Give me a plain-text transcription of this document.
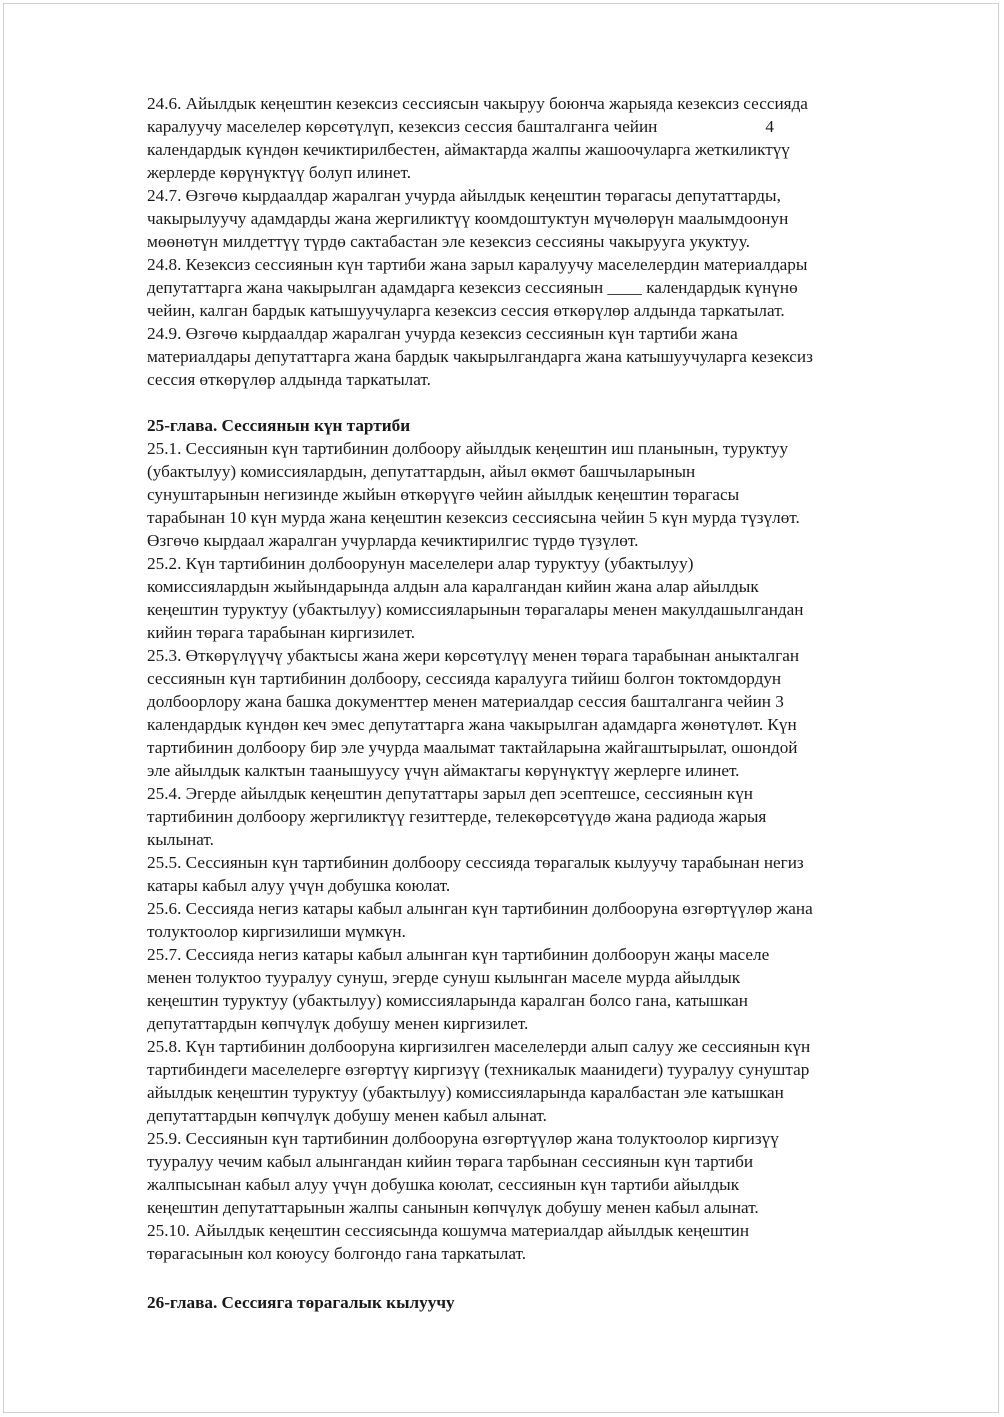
24.6. Айылдык кеңештин кезексиз сессиясын чакыруу боюнча жарыяда кезексиз сессияда
каралуучу маселелер көрсөтүлүп, кезексиз сессия башталганга чейин	4
календардык күндөн кечиктирилбестен, аймактарда жалпы жашоочуларга жеткиликтүү
жерлерде көрүнүктүү болуп илинет.
24.7. Өзгөчө кырдаалдар жаралган учурда айылдык кеңештин төрагасы депутаттарды,
чакырылуучу адамдарды жана жергиликтүү коомдоштуктун мүчөлөрүн маалымдоонун
мөөнөтүн милдеттүү түрдө сактабастан эле кезексиз сессияны чакырууга укуктуу.
24.8. Кезексиз сессиянын күн тартиби жана зарыл каралуучу маселелердин материалдары
депутаттарга жана чакырылган адамдарга кезексиз сессиянын ____ календардык күнүнө
чейин, калган бардык катышуучуларга кезексиз сессия өткөрүлөр алдында таркатылат.
24.9. Өзгөчө кырдаалдар жаралган учурда кезексиз сессиянын күн тартиби жана
материалдары депутаттарга жана бардык чакырылгандарга жана катышуучуларга кезексиз
сессия өткөрүлөр алдында таркатылат.
25-глава. Сессиянын күн тартиби
25.1. Сессиянын күн тартибинин долбоору айылдык кеңештин иш планынын, туруктуу
(убактылуу) комиссиялардын, депутаттардын, айыл өкмөт башчыларынын
сунуштарынын негизинде жыйын өткөрүүгө чейин айылдык кеңештин төрагасы
тарабынан 10 күн мурда жана кеңештин кезексиз сессиясына чейин 5 күн мурда түзүлөт.
Өзгөчө кырдаал жаралган учурларда кечиктирилгис түрдө түзүлөт.
25.2. Күн тартибинин долбоорунун маселелери алар туруктуу (убактылуу)
комиссиялардын жыйындарында алдын ала каралгандан кийин жана алар айылдык
кеңештин туруктуу (убактылуу) комиссияларынын төрагалары менен макулдашылгандан
кийин төрага тарабынан киргизилет.
25.3. Өткөрүлүүчү убактысы жана жери көрсөтүлүү менен төрага тарабынан аныкталган
сессиянын күн тартибинин долбоору, сессияда каралууга тийиш болгон токтомдордун
долбоорлору жана башка документтер менен материалдар сессия башталганга чейин 3
календардык күндөн кеч эмес депутаттарга жана чакырылган адамдарга жөнөтүлөт. Күн
тартибинин долбоору бир эле учурда маалымат тактайларына жайгаштырылат, ошондой
эле айылдык калктын таанышуусу үчүн аймактагы көрүнүктүү жерлерге илинет.
25.4. Эгерде айылдык кеңештин депутаттары зарыл деп эсептешсе, сессиянын күн
тартибинин долбоору жергиликтүү гезиттерде, телекөрсөтүүдө жана радиода жарыя
кылынат.
25.5. Сессиянын күн тартибинин долбоору сессияда төрагалык кылуучу тарабынан негиз
катары кабыл алуу үчүн добушка коюлат.
25.6. Сессияда негиз катары кабыл алынган күн тартибинин долбооруна өзгөртүүлөр жана
толуктоолор киргизилиши мүмкүн.
25.7. Сессияда негиз катары кабыл алынган күн тартибинин долбоорун жаңы маселе
менен толуктоо тууралуу сунуш, эгерде сунуш кылынган маселе мурда айылдык
кеңештин туруктуу (убактылуу) комиссияларында каралган болсо гана, катышкан
депутаттардын көпчүлүк добушу менен киргизилет.
25.8. Күн тартибинин долбооруна киргизилген маселелерди алып салуу же сессиянын күн
тартибиндеги маселелерге өзгөртүү киргизүү (техникалык маанидеги) тууралуу сунуштар
айылдык кеңештин туруктуу (убактылуу) комиссияларында каралбастан эле катышкан
депутаттардын көпчүлүк добушу менен кабыл алынат.
25.9. Сессиянын күн тартибинин долбооруна өзгөртүүлөр жана толуктоолор киргизүү
тууралуу чечим кабыл алынгандан кийин төрага тарбынан сессиянын күн тартиби
жалпысынан кабыл алуу үчүн добушка коюлат, сессиянын күн тартиби айылдык
кеңештин депутаттарынын жалпы санынын көпчүлүк добушу менен кабыл алынат.
25.10. Айылдык кеңештин сессиясында кошумча материалдар айылдык кеңештин
төрагасынын кол коюусу болгондо гана таркатылат.
26-глава. Сессияга төрагалык кылуучу
